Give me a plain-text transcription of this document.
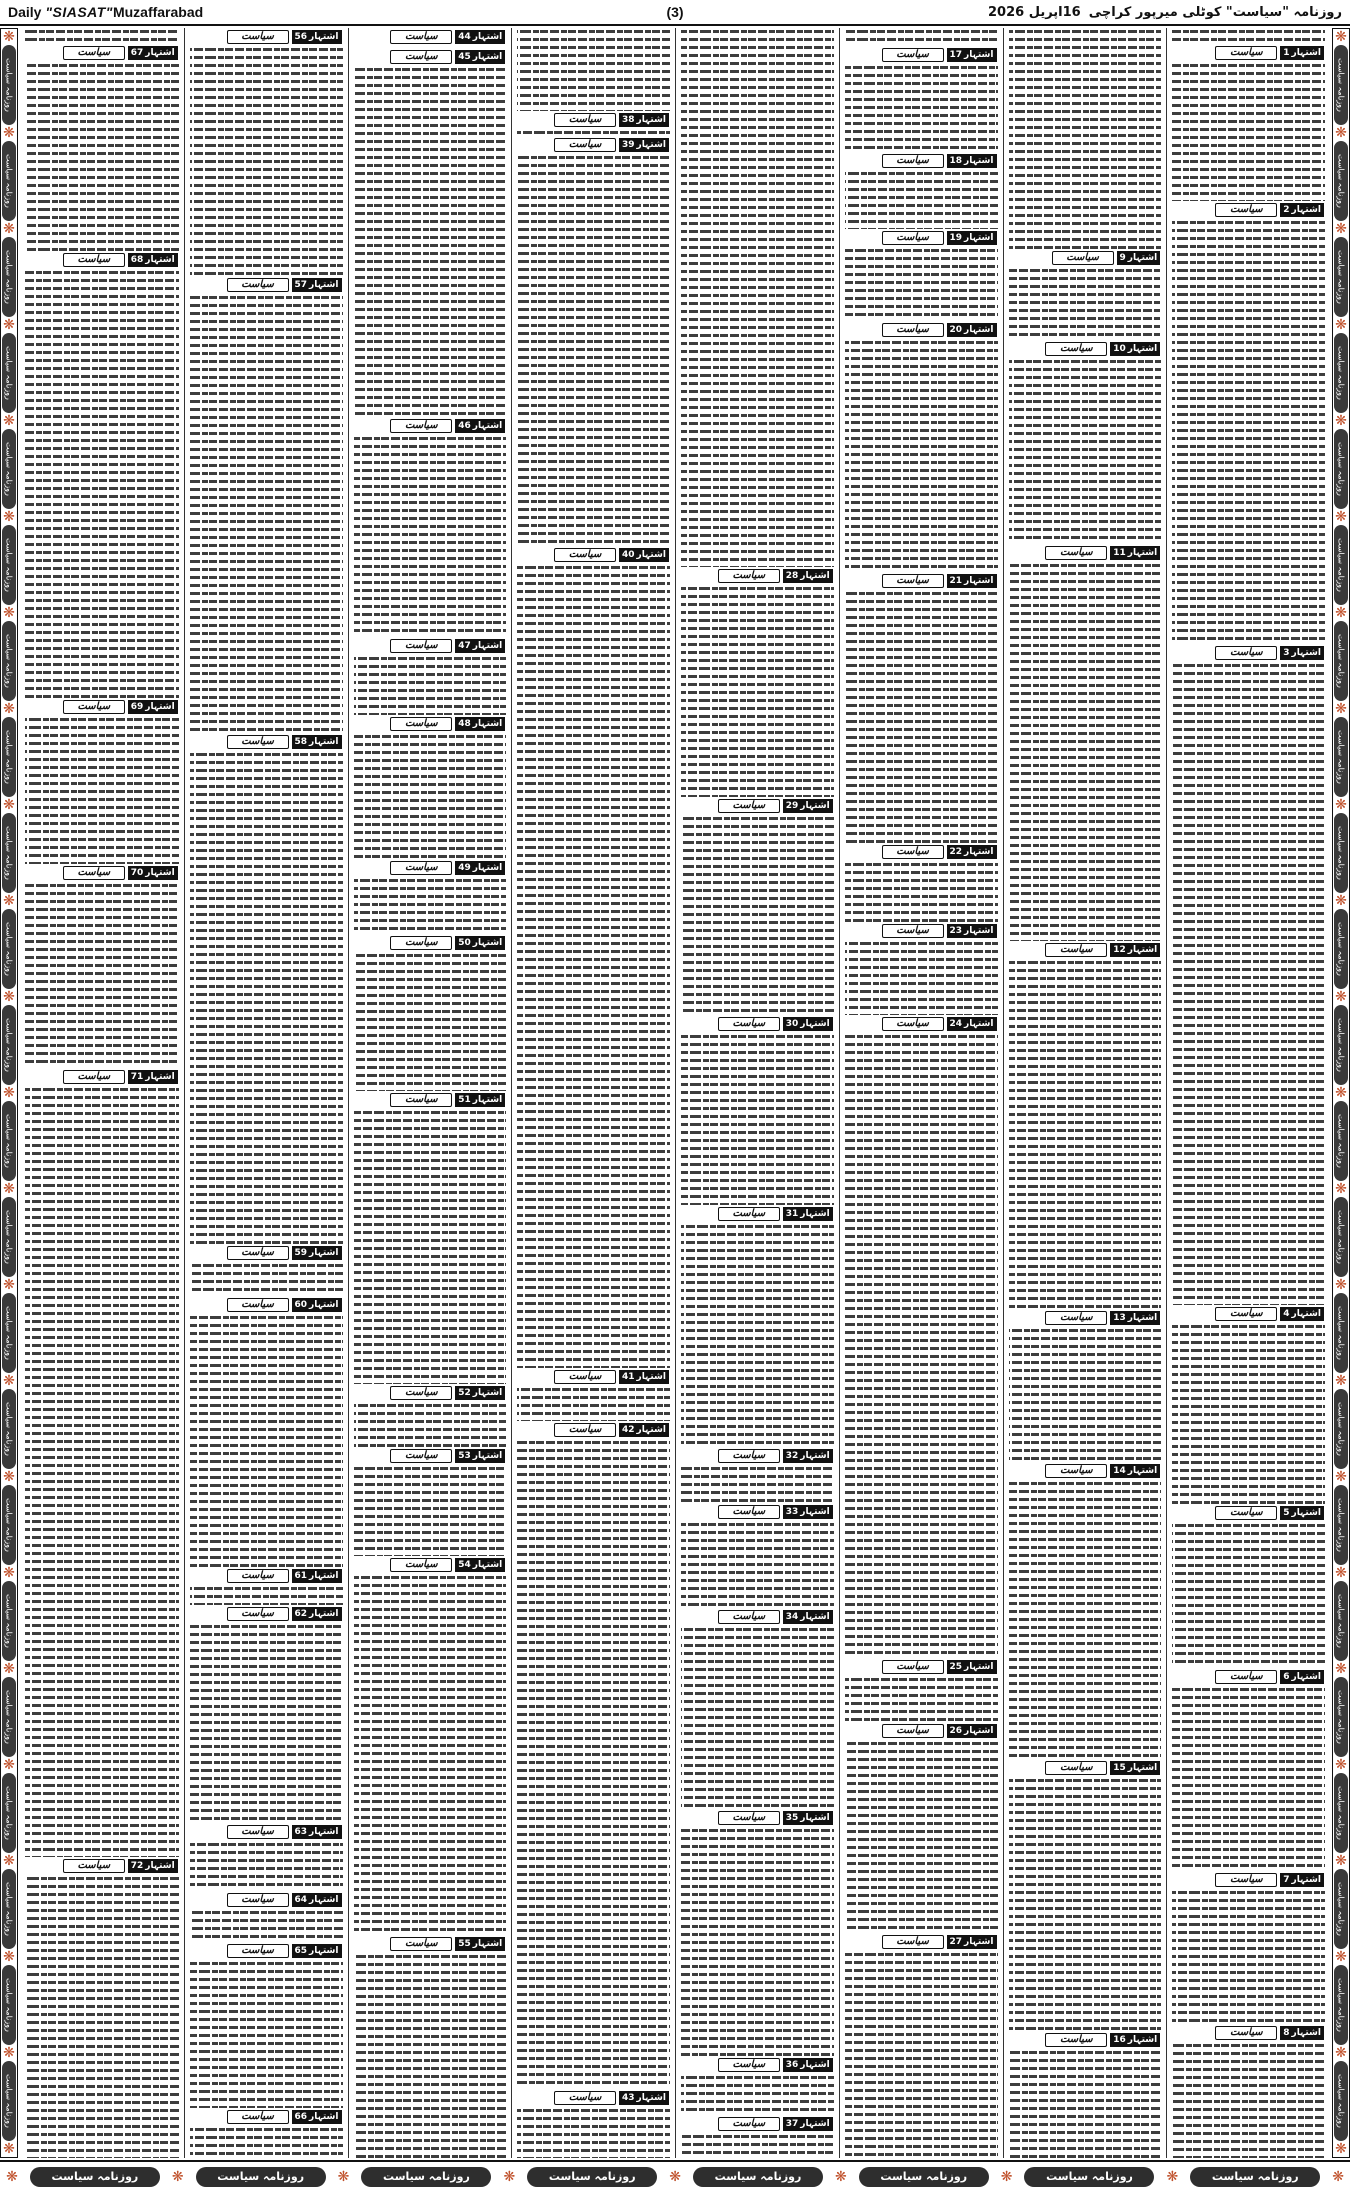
Daily "SIASAT"Muzaffarabad	(3)	روزنامہ "سیاست" کوٹلی میرپور کراچی
16اپریل 2026
❋
روزنامہ سیاست
❋
روزنامہ سیاست
❋
روزنامہ سیاست
❋
روزنامہ سیاست
❋
روزنامہ سیاست
❋
روزنامہ سیاست
❋
روزنامہ سیاست
❋
روزنامہ سیاست
❋
روزنامہ سیاست
❋
روزنامہ سیاست
❋
روزنامہ سیاست
❋
روزنامہ سیاست
❋
روزنامہ سیاست
❋
روزنامہ سیاست
❋
روزنامہ سیاست
❋
روزنامہ سیاست
❋
روزنامہ سیاست
❋
روزنامہ سیاست
❋
روزنامہ سیاست
❋
روزنامہ سیاست
❋
روزنامہ سیاست
❋
روزنامہ سیاست
❋
❋
روزنامہ سیاست
❋
روزنامہ سیاست
❋
روزنامہ سیاست
❋
روزنامہ سیاست
❋
روزنامہ سیاست
❋
روزنامہ سیاست
❋
روزنامہ سیاست
❋
روزنامہ سیاست
❋
روزنامہ سیاست
❋
روزنامہ سیاست
❋
روزنامہ سیاست
❋
روزنامہ سیاست
❋
روزنامہ سیاست
❋
روزنامہ سیاست
❋
روزنامہ سیاست
❋
روزنامہ سیاست
❋
روزنامہ سیاست
❋
روزنامہ سیاست
❋
روزنامہ سیاست
❋
روزنامہ سیاست
❋
روزنامہ سیاست
❋
روزنامہ سیاست
❋
اشتہار
1
سیاست
اشتہار
2
سیاست
اشتہار
3
سیاست
اشتہار
4
سیاست
اشتہار
5
سیاست
اشتہار
6
سیاست
اشتہار
7
سیاست
اشتہار
8
سیاست
اشتہار
9
سیاست
اشتہار
10
سیاست
اشتہار
11
سیاست
اشتہار
12
سیاست
اشتہار
13
سیاست
اشتہار
14
سیاست
اشتہار
15
سیاست
اشتہار
16
سیاست
اشتہار
17
سیاست
اشتہار
18
سیاست
اشتہار
19
سیاست
اشتہار
20
سیاست
اشتہار
21
سیاست
اشتہار
22
سیاست
اشتہار
23
سیاست
اشتہار
24
سیاست
اشتہار
25
سیاست
اشتہار
26
سیاست
اشتہار
27
سیاست
اشتہار
28
سیاست
اشتہار
29
سیاست
اشتہار
30
سیاست
اشتہار
31
سیاست
اشتہار
32
سیاست
اشتہار
33
سیاست
اشتہار
34
سیاست
اشتہار
35
سیاست
اشتہار
36
سیاست
اشتہار
37
سیاست
اشتہار
38
سیاست
اشتہار
39
سیاست
اشتہار
40
سیاست
اشتہار
41
سیاست
اشتہار
42
سیاست
اشتہار
43
سیاست
اشتہار
44
سیاست
اشتہار
45
سیاست
اشتہار
46
سیاست
اشتہار
47
سیاست
اشتہار
48
سیاست
اشتہار
49
سیاست
اشتہار
50
سیاست
اشتہار
51
سیاست
اشتہار
52
سیاست
اشتہار
53
سیاست
اشتہار
54
سیاست
اشتہار
55
سیاست
اشتہار
56
سیاست
اشتہار
57
سیاست
اشتہار
58
سیاست
اشتہار
59
سیاست
اشتہار
60
سیاست
اشتہار
61
سیاست
اشتہار
62
سیاست
اشتہار
63
سیاست
اشتہار
64
سیاست
اشتہار
65
سیاست
اشتہار
66
سیاست
اشتہار
67
سیاست
اشتہار
68
سیاست
اشتہار
69
سیاست
اشتہار
70
سیاست
اشتہار
71
سیاست
اشتہار
72
سیاست
❋
روزنامہ سیاست
❋
روزنامہ سیاست
❋
روزنامہ سیاست
❋
روزنامہ سیاست
❋
روزنامہ سیاست
❋
روزنامہ سیاست
❋
روزنامہ سیاست
❋
روزنامہ سیاست
❋
